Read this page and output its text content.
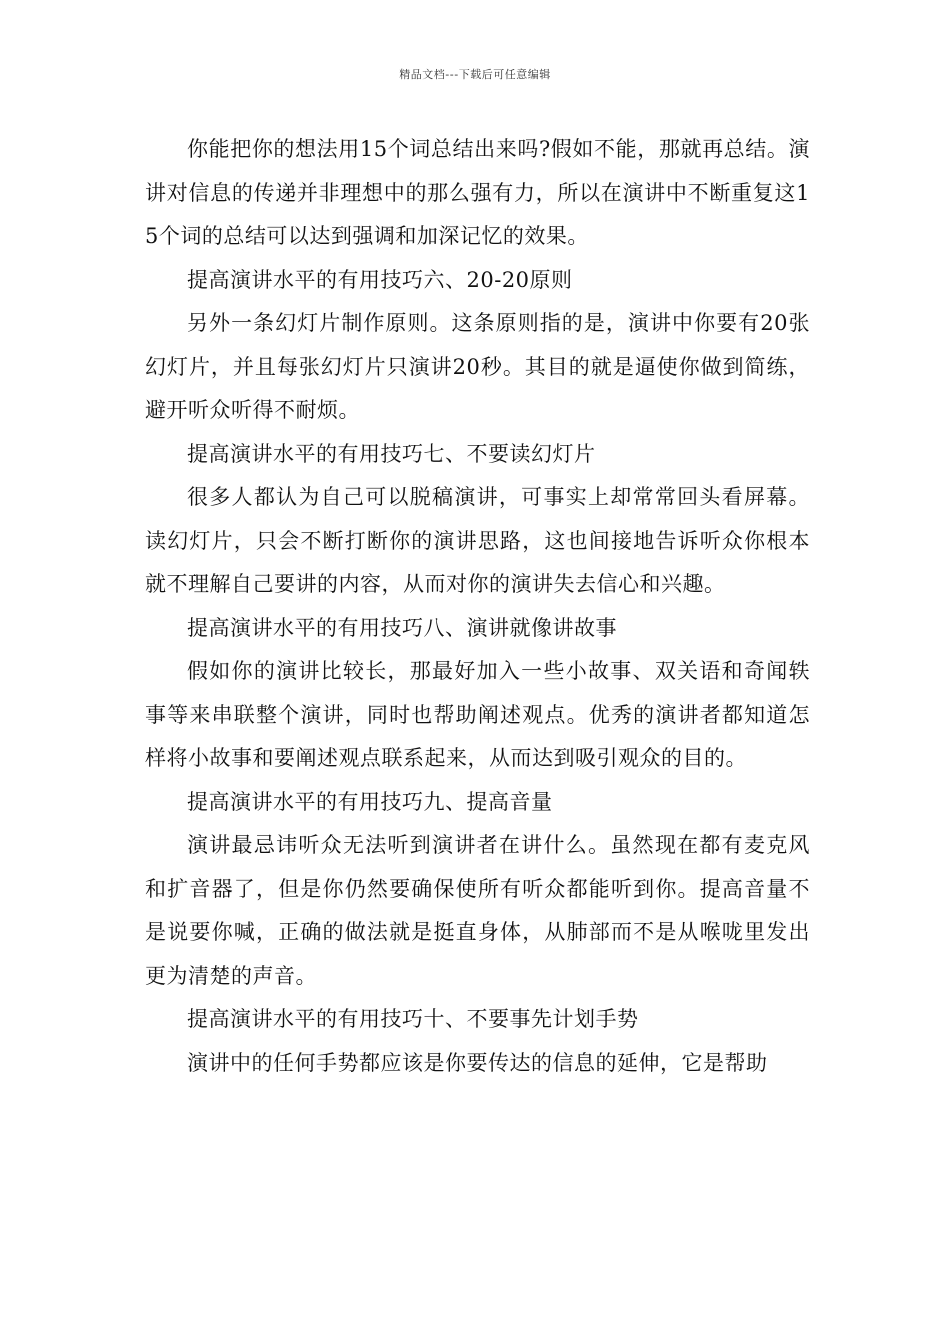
精品文档---下载后可任意编辑

你能把你的想法用15个词总结出来吗?假如不能，那就再总结。演讲对信息的传递并非理想中的那么强有力，所以在演讲中不断重复这15个词的总结可以达到强调和加深记忆的效果。

提高演讲水平的有用技巧六、20-20原则

另外一条幻灯片制作原则。这条原则指的是，演讲中你要有20张幻灯片，并且每张幻灯片只演讲20秒。其目的就是逼使你做到简练，避开听众听得不耐烦。

提高演讲水平的有用技巧七、不要读幻灯片

很多人都认为自己可以脱稿演讲，可事实上却常常回头看屏幕。读幻灯片，只会不断打断你的演讲思路，这也间接地告诉听众你根本就不理解自己要讲的内容，从而对你的演讲失去信心和兴趣。

提高演讲水平的有用技巧八、演讲就像讲故事

假如你的演讲比较长，那最好加入一些小故事、双关语和奇闻轶事等来串联整个演讲，同时也帮助阐述观点。优秀的演讲者都知道怎样将小故事和要阐述观点联系起来，从而达到吸引观众的目的。

提高演讲水平的有用技巧九、提高音量

演讲最忌讳听众无法听到演讲者在讲什么。虽然现在都有麦克风和扩音器了，但是你仍然要确保使所有听众都能听到你。提高音量不是说要你喊，正确的做法就是挺直身体，从肺部而不是从喉咙里发出更为清楚的声音。

提高演讲水平的有用技巧十、不要事先计划手势

演讲中的任何手势都应该是你要传达的信息的延伸，它是帮助
